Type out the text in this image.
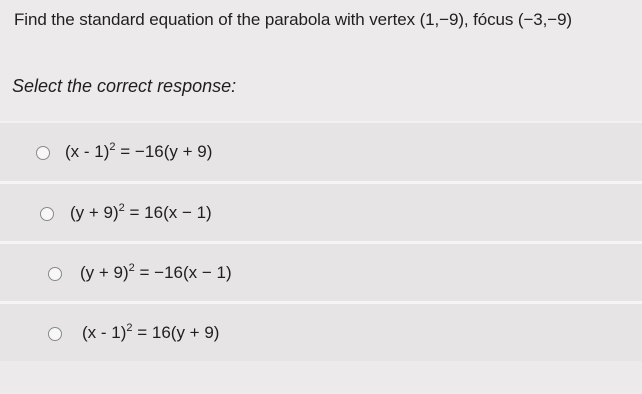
Find the standard equation of the parabola with vertex (1,−9), fócus (−3,−9)
Select the correct response:
(x - 1)$^2$ = −16(y + 9)
$(y + 9)^2 = 16(x - 1)$
$(y + 9)^2 = -16(x - 1)$
(x - 1)$^2$ = 16(y + 9)
